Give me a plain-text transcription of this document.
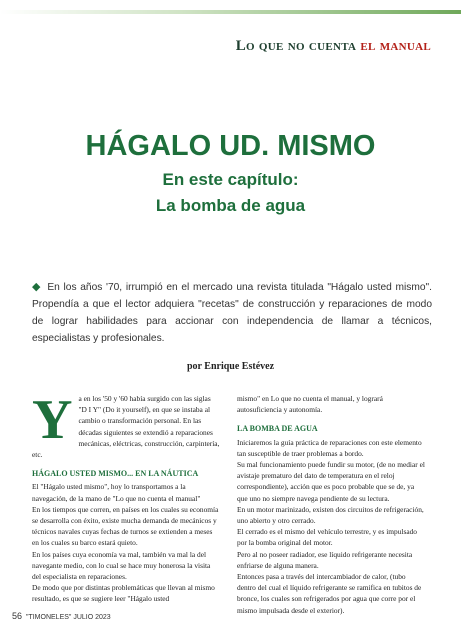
Lo que no cuenta el manual
HÁGALO UD. MISMO
En este capítulo:
La bomba de agua
◆ En los años '70, irrumpió en el mercado una revista titulada "Hágalo usted mismo". Propendía a que el lector adquiera "recetas" de construcción y reparaciones de modo de lograr habilidades para accionar con independencia de llamar a técnicos, especialistas y profesionales.
por Enrique Estévez
Y a en los '50 y '60 había surgido con las siglas "D I Y" (Do it yourself), en que se instaba al cambio o transformación personal. En las décadas siguientes se extendió a reparaciones mecánicas, eléctricas, construcción, carpintería, etc.

HÁGALO USTED MISMO... EN LA NÁUTICA

El "Hágalo usted mismo", hoy lo transportamos a la navegación, de la mano de "Lo que no cuenta el manual"

En los tiempos que corren, en países en los cuales su economía se desarrolla con éxito, existe mucha demanda de mecánicos y técnicos navales cuyas fechas de turnos se extienden a meses en los cuales su barco estará quieto.

En los países cuya economía va mal, también va mal la del navegante medio, con lo cual se hace muy honerosa la visita del especialista en reparaciones.

De modo que por distintas problemáticas que llevan al mismo resultado, es que se sugiere leer "Hágalo usted

mismo" en Lo que no cuenta el manual, y logrará autosuficiencia y autonomía.

LA BOMBA DE AGUA

Iniciaremos la guía práctica de reparaciones con este elemento tan susceptible de traer problemas a bordo.

Su mal funcionamiento puede fundir su motor, (de no mediar el avistaje prematuro del dato de temperatura en el reloj correspondiente), acción que es poco probable que se de, ya que uno no siempre navega pendiente de su lectura.

En un motor marinizado, existen dos circuitos de refrigeración, uno abierto y otro cerrado.

El cerrado es el mismo del vehículo terrestre, y es impulsado por la bomba original del motor.

Pero al no poseer radiador, ese líquido refrigerante necesita enfriarse de alguna manera.

Entonces pasa a través del intercambiador de calor, (tubo dentro del cual el líquido refrigerante se ramifica en tubitos de bronce, los cuales son refrigerados por agua que corre por el mismo impulsada desde el exterior).

56 "TIMONELES" JULIO 2023
